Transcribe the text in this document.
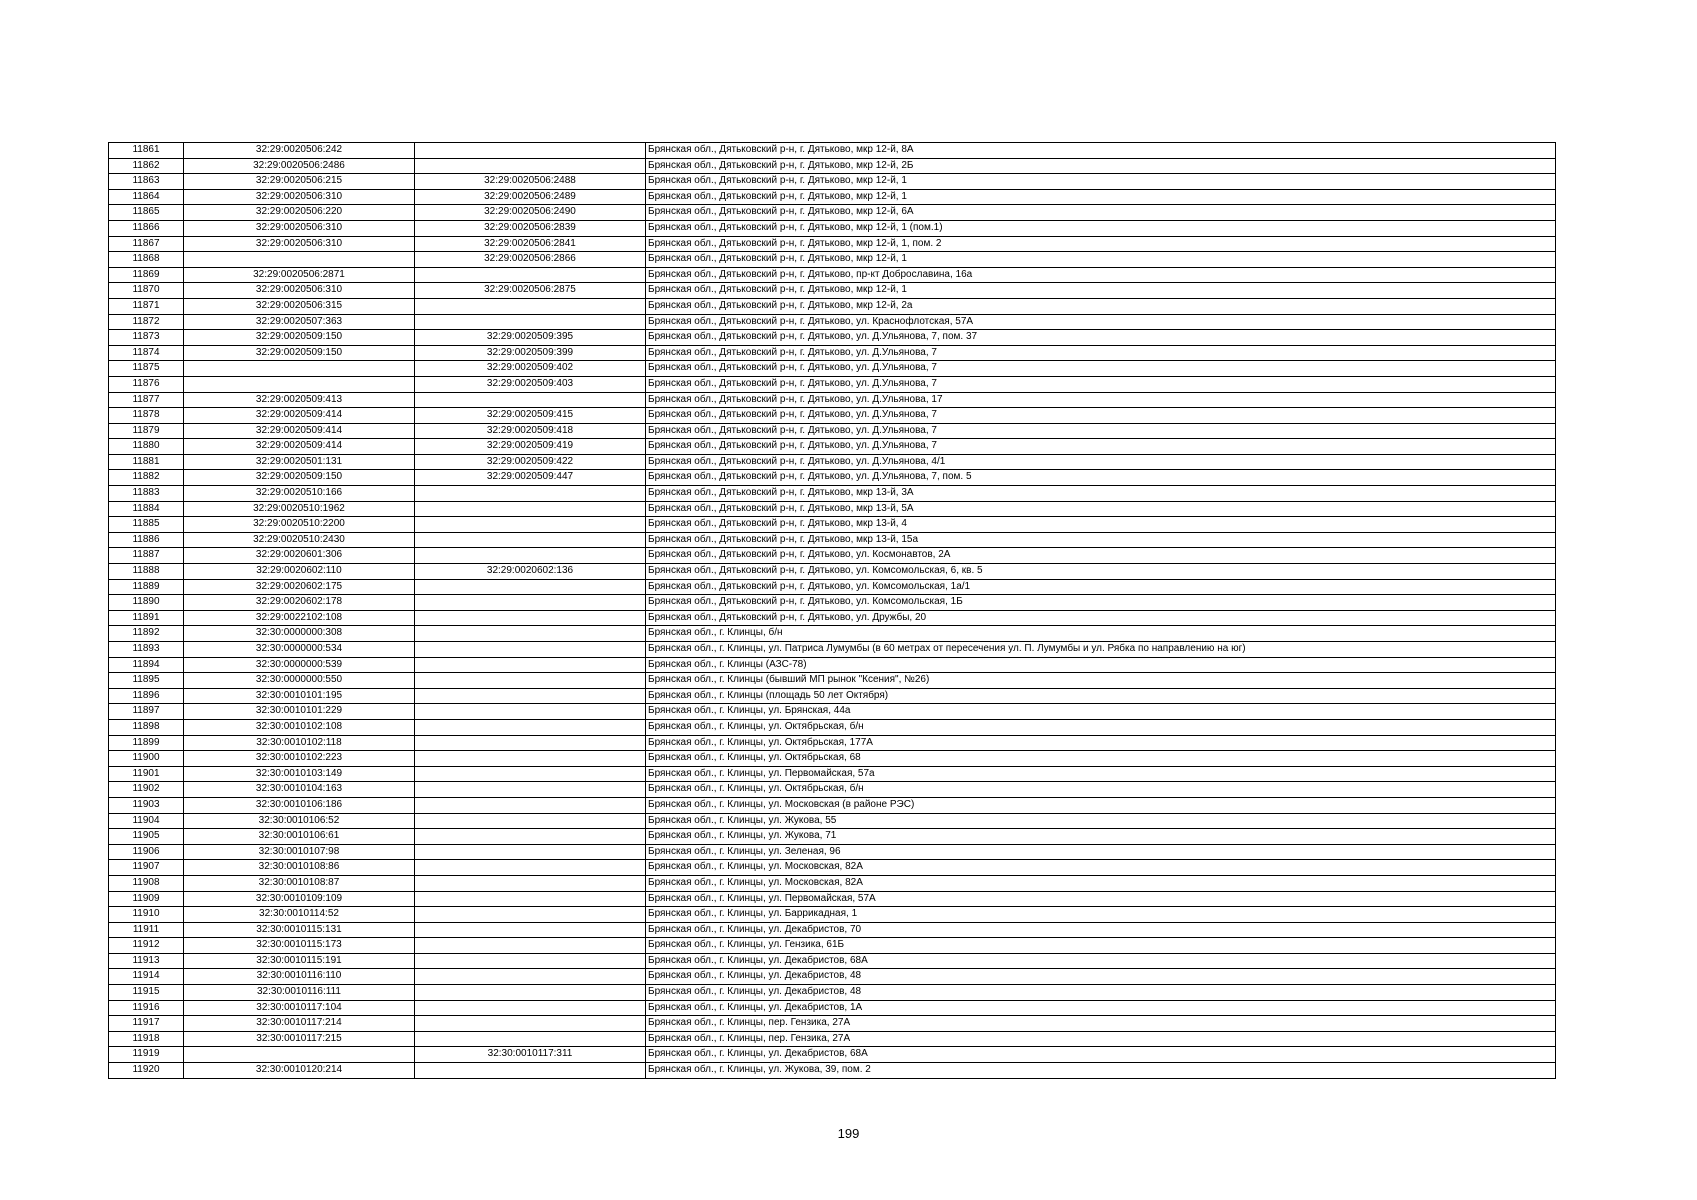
11861	32:29:0020506:242		Брянская обл., Дятьковский р-н, г. Дятьково, мкр 12-й, 8А
11862	32:29:0020506:2486		Брянская обл., Дятьковский р-н, г. Дятьково, мкр 12-й, 2Б
11863	32:29:0020506:215	32:29:0020506:2488	Брянская обл., Дятьковский р-н, г. Дятьково, мкр 12-й, 1
11864	32:29:0020506:310	32:29:0020506:2489	Брянская обл., Дятьковский р-н, г. Дятьково, мкр 12-й, 1
11865	32:29:0020506:220	32:29:0020506:2490	Брянская обл., Дятьковский р-н, г. Дятьково, мкр 12-й, 6А
11866	32:29:0020506:310	32:29:0020506:2839	Брянская обл., Дятьковский р-н, г. Дятьково, мкр 12-й, 1 (пом.1)
11867	32:29:0020506:310	32:29:0020506:2841	Брянская обл., Дятьковский р-н, г. Дятьково, мкр 12-й, 1, пом. 2
11868		32:29:0020506:2866	Брянская обл., Дятьковский р-н, г. Дятьково, мкр 12-й, 1
11869	32:29:0020506:2871		Брянская обл., Дятьковский р-н, г. Дятьково, пр-кт Доброславина, 16а
11870	32:29:0020506:310	32:29:0020506:2875	Брянская обл., Дятьковский р-н, г. Дятьково, мкр 12-й, 1
11871	32:29:0020506:315		Брянская обл., Дятьковский р-н, г. Дятьково, мкр 12-й, 2а
11872	32:29:0020507:363		Брянская обл., Дятьковский р-н, г. Дятьково, ул. Краснофлотская, 57А
11873	32:29:0020509:150	32:29:0020509:395	Брянская обл., Дятьковский р-н, г. Дятьково, ул. Д.Ульянова, 7, пом. 37
11874	32:29:0020509:150	32:29:0020509:399	Брянская обл., Дятьковский р-н, г. Дятьково, ул. Д.Ульянова, 7
11875		32:29:0020509:402	Брянская обл., Дятьковский р-н, г. Дятьково, ул. Д.Ульянова, 7
11876		32:29:0020509:403	Брянская обл., Дятьковский р-н, г. Дятьково, ул. Д.Ульянова, 7
11877	32:29:0020509:413		Брянская обл., Дятьковский р-н, г. Дятьково, ул. Д.Ульянова, 17
11878	32:29:0020509:414	32:29:0020509:415	Брянская обл., Дятьковский р-н, г. Дятьково, ул. Д.Ульянова, 7
11879	32:29:0020509:414	32:29:0020509:418	Брянская обл., Дятьковский р-н, г. Дятьково, ул. Д.Ульянова, 7
11880	32:29:0020509:414	32:29:0020509:419	Брянская обл., Дятьковский р-н, г. Дятьково, ул. Д.Ульянова, 7
11881	32:29:0020501:131	32:29:0020509:422	Брянская обл., Дятьковский р-н, г. Дятьково, ул. Д.Ульянова, 4/1
11882	32:29:0020509:150	32:29:0020509:447	Брянская обл., Дятьковский р-н, г. Дятьково, ул. Д.Ульянова, 7, пом. 5
11883	32:29:0020510:166		Брянская обл., Дятьковский р-н, г. Дятьково, мкр 13-й, 3А
11884	32:29:0020510:1962		Брянская обл., Дятьковский р-н, г. Дятьково, мкр 13-й, 5А
11885	32:29:0020510:2200		Брянская обл., Дятьковский р-н, г. Дятьково, мкр 13-й, 4
11886	32:29:0020510:2430		Брянская обл., Дятьковский р-н, г. Дятьково, мкр 13-й, 15а
11887	32:29:0020601:306		Брянская обл., Дятьковский р-н, г. Дятьково, ул. Космонавтов, 2А
11888	32:29:0020602:110	32:29:0020602:136	Брянская обл., Дятьковский р-н, г. Дятьково, ул. Комсомольская, 6, кв. 5
11889	32:29:0020602:175		Брянская обл., Дятьковский р-н, г. Дятьково, ул. Комсомольская, 1а/1
11890	32:29:0020602:178		Брянская обл., Дятьковский р-н, г. Дятьково, ул. Комсомольская, 1Б
11891	32:29:0022102:108		Брянская обл., Дятьковский р-н, г. Дятьково, ул. Дружбы, 20
11892	32:30:0000000:308		Брянская обл., г. Клинцы, б/н
11893	32:30:0000000:534		Брянская обл., г. Клинцы, ул. Патриса Лумумбы (в 60 метрах от пересечения ул. П. Лумумбы и ул. Рябка по направлению на юг)
11894	32:30:0000000:539		Брянская обл., г. Клинцы (АЗС-78)
11895	32:30:0000000:550		Брянская обл., г. Клинцы (бывший МП рынок "Ксения", №26)
11896	32:30:0010101:195		Брянская обл., г. Клинцы (площадь 50 лет Октября)
11897	32:30:0010101:229		Брянская обл., г. Клинцы, ул. Брянская, 44а
11898	32:30:0010102:108		Брянская обл., г. Клинцы, ул. Октябрьская, б/н
11899	32:30:0010102:118		Брянская обл., г. Клинцы, ул. Октябрьская, 177А
11900	32:30:0010102:223		Брянская обл., г. Клинцы, ул. Октябрьская, 68
11901	32:30:0010103:149		Брянская обл., г. Клинцы, ул. Первомайская, 57а
11902	32:30:0010104:163		Брянская обл., г. Клинцы, ул. Октябрьская, б/н
11903	32:30:0010106:186		Брянская обл., г. Клинцы, ул. Московская (в районе РЭС)
11904	32:30:0010106:52		Брянская обл., г. Клинцы, ул. Жукова, 55
11905	32:30:0010106:61		Брянская обл., г. Клинцы, ул. Жукова, 71
11906	32:30:0010107:98		Брянская обл., г. Клинцы, ул. Зеленая, 96
11907	32:30:0010108:86		Брянская обл., г. Клинцы, ул. Московская, 82А
11908	32:30:0010108:87		Брянская обл., г. Клинцы, ул. Московская, 82А
11909	32:30:0010109:109		Брянская обл., г. Клинцы, ул. Первомайская, 57А
11910	32:30:0010114:52		Брянская обл., г. Клинцы, ул. Баррикадная, 1
11911	32:30:0010115:131		Брянская обл., г. Клинцы, ул. Декабристов, 70
11912	32:30:0010115:173		Брянская обл., г. Клинцы, ул. Гензика, 61Б
11913	32:30:0010115:191		Брянская обл., г. Клинцы, ул. Декабристов, 68А
11914	32:30:0010116:110		Брянская обл., г. Клинцы, ул. Декабристов, 48
11915	32:30:0010116:111		Брянская обл., г. Клинцы, ул. Декабристов, 48
11916	32:30:0010117:104		Брянская обл., г. Клинцы, ул. Декабристов, 1А
11917	32:30:0010117:214		Брянская обл., г. Клинцы, пер. Гензика, 27А
11918	32:30:0010117:215		Брянская обл., г. Клинцы, пер. Гензика, 27А
11919		32:30:0010117:311	Брянская обл., г. Клинцы, ул. Декабристов, 68А
11920	32:30:0010120:214		Брянская обл., г. Клинцы, ул. Жукова, 39, пом. 2
199
